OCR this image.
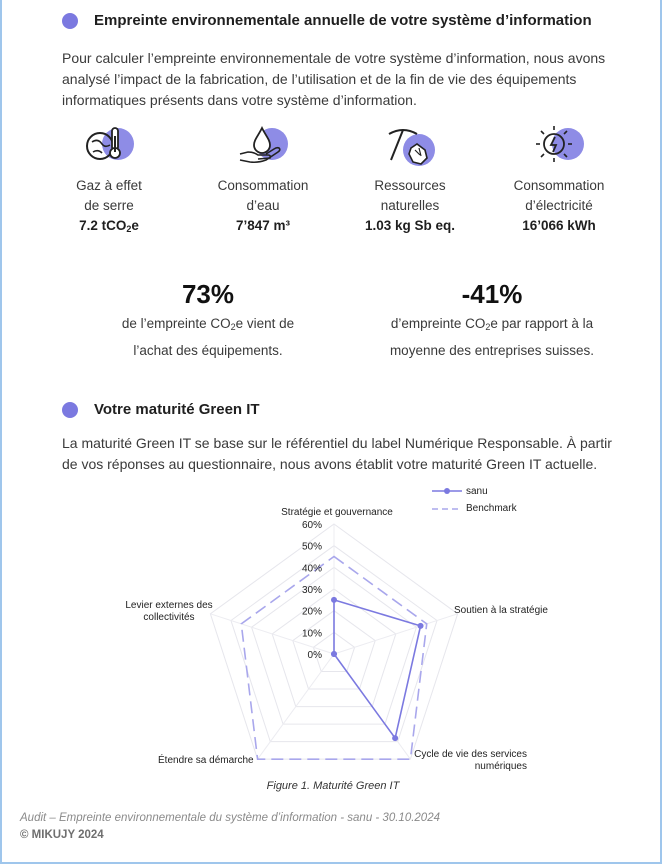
Empreinte environnementale annuelle de votre système d’information

Pour calculer l’empreinte environnementale de votre système d’information, nous avons analysé l’impact de la fabrication, de l’utilisation et de la fin de vie des équipements informatiques présents dans votre système d’information.

Gaz à effet
de serre
7.2 tCO$_2$e
Consommation
d’eau
7’847 m³
Ressources
naturelles
1.03 kg Sb eq.
Consommation
d’électricité
16’066 kWh
73%
de l’empreinte $CO_2e$ vient de
l’achat des équipements.
-41%
d’empreinte $CO_2e$ par rapport à la
moyenne des entreprises suisses.
Votre maturité Green IT

La maturité Green IT se base sur le référentiel du label Numérique Responsable. À partir de vos réponses au questionnaire, nous avons établit votre maturité Green IT actuelle.

0%
10%
20%
30%
40%
50%
60%
sanu
Benchmark
Stratégie et gouvernance
Soutien à la stratégie
Cycle de vie des services numériques
Étendre sa démarche
Levier externes des collectivités
Figure 1. Maturité Green IT
Audit – Empreinte environnementale du système d’information - sanu - 30.10.2024
© MIKUJY 2024
